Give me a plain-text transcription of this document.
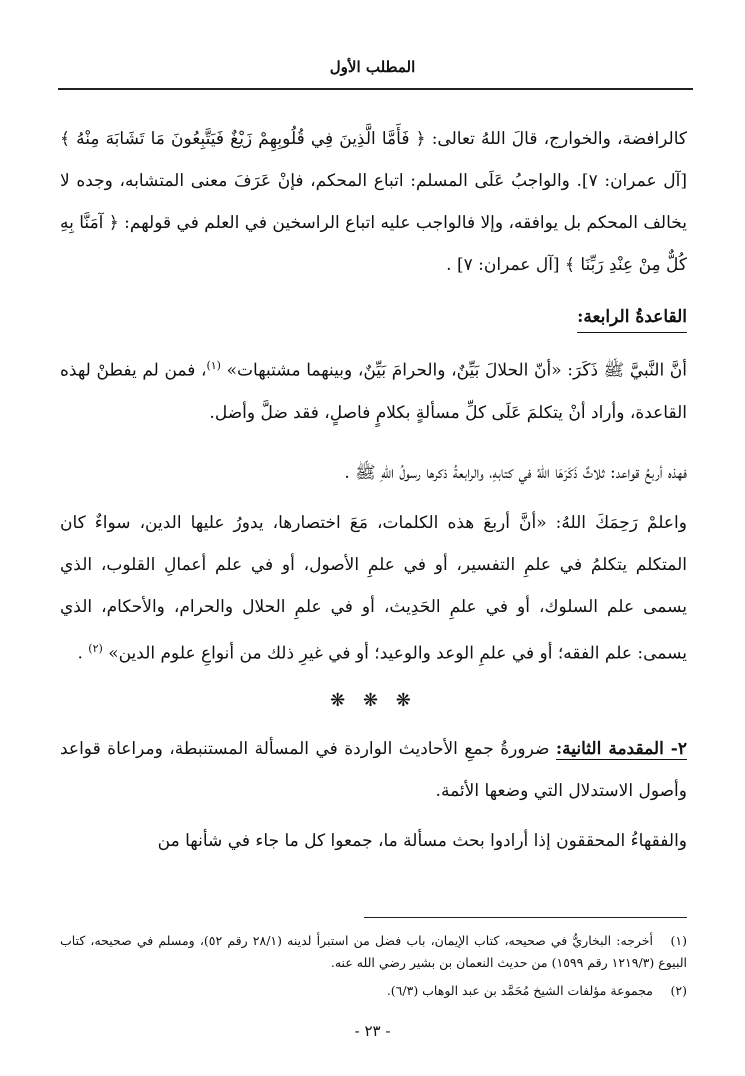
المطلب الأول

كالرافضة، والخوارج، قالَ اللهُ تعالى: ﴿ فَأَمَّا الَّذِينَ فِي قُلُوبِهِمْ زَيْغٌ فَيَتَّبِعُونَ مَا تَشَابَهَ مِنْهُ ﴾ [آل عمران: ٧]. والواجبُ عَلَى المسلم: اتباع المحكم، فإنْ عَرَفَ معنى المتشابه، وجده لا يخالف المحكم بل يوافقه، وإلا فالواجب عليه اتباع الراسخين في العلم في قولهم: ﴿ آمَنَّا بِهِ كُلٌّ مِنْ عِنْدِ رَبِّنَا ﴾ [آل عمران: ٧] .

القاعدةُ الرابعة:

أنَّ النَّبيَّ ﷺ ذَكَرَ: «أنّ الحلالَ بَيِّنٌ، والحرامَ بَيِّنٌ، وبينهما مشتبهات» $^{(١)}$، فمن لم يفطنْ لهذه القاعدة، وأراد أنْ يتكلمَ عَلَى كلِّ مسألةٍ بكلامٍ فاصلٍ، فقد ضلَّ وأضل.

فهذه أربعُ قواعد: ثلاثٌ ذَكَرَهَا اللهُ في كتابهِ، والرابعةُ ذكرها رسولُ اللهِ ﷺ .

واعلمْ رَحِمَكَ اللهُ: «أنَّ أربعَ هذه الكلمات، مَعَ اختصارها، يدورُ عليها الدين، سواءٌ كان المتكلم يتكلمُ في علمِ التفسير، أو في علمِ الأصول، أو في علم أعمالِ القلوب، الذي يسمى علم السلوك، أو في علمِ الحَدِيث، أو في علمِ الحلال والحرام، والأحكام، الذي يسمى: علم الفقه؛ أو في علمِ الوعد والوعيد؛ أو في غيرِ ذلك من أنواعِ علوم الدين» $^{(٢)}$ .

❋ ❋ ❋

٢- المقدمة الثانية: ضرورةُ جمعِ الأحاديث الواردة في المسألة المستنبطة، ومراعاة قواعد وأصول الاستدلال التي وضعها الأئمة.

والفقهاءُ المحققون إذا أرادوا بحث مسألة ما، جمعوا كل ما جاء في شأنها من

(١)أخرجه: البخاريُّ في صحيحه، كتاب الإيمان، باب فضل من استبرأ لدينه (٢٨/١ رقم ٥٢)، ومسلم في صحيحه، كتاب البيوع (١٢١٩/٣ رقم ١٥٩٩) من حديث النعمان بن بشير رضي الله عنه.

(٢)مجموعة مؤلفات الشيخ مُحَمَّد بن عبد الوهاب (٦/٣).

- ٢٣ -
